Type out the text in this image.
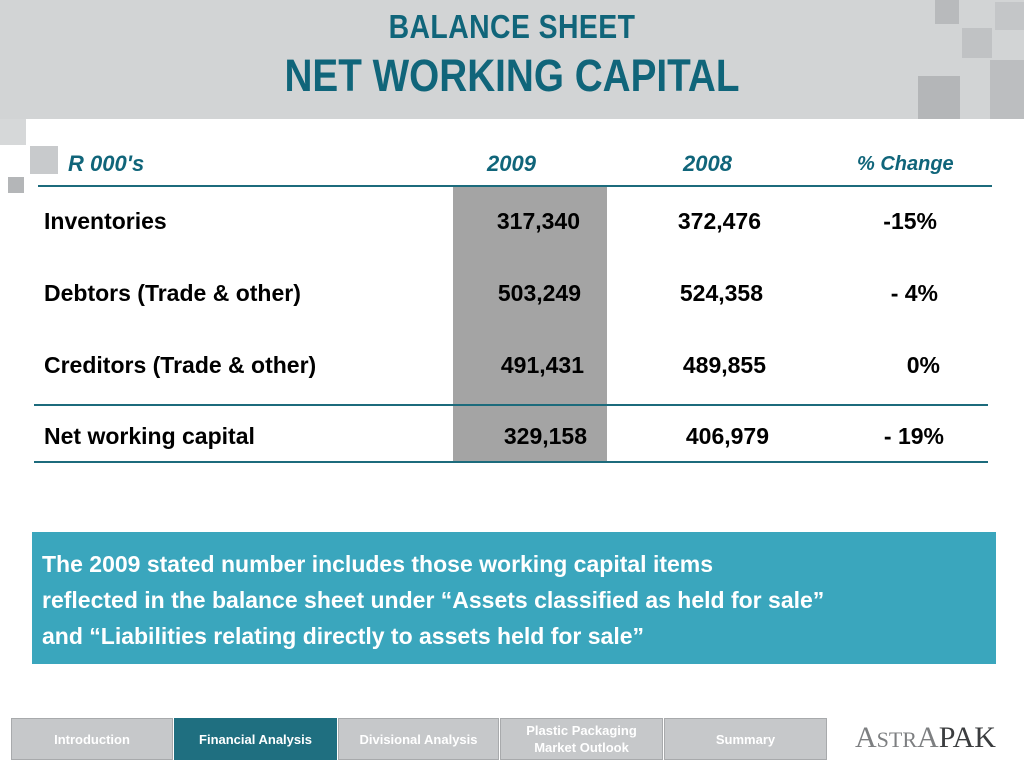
BALANCE SHEET
NET WORKING CAPITAL
R 000's	2009	2008	% Change
Inventories	317,340	372,476	-15%
Debtors (Trade & other)	503,249	524,358	- 4%
Creditors (Trade & other)	491,431	489,855	0%
Net working capital	329,158	406,979	- 19%
The 2009 stated number includes those working capital items
reflected in the balance sheet under “Assets classified as held for sale”
and “Liabilities relating directly to assets held for sale”
Introduction	Financial Analysis	Divisional Analysis
Plastic Packaging Market Outlook
Summary	ASTRAPAK
